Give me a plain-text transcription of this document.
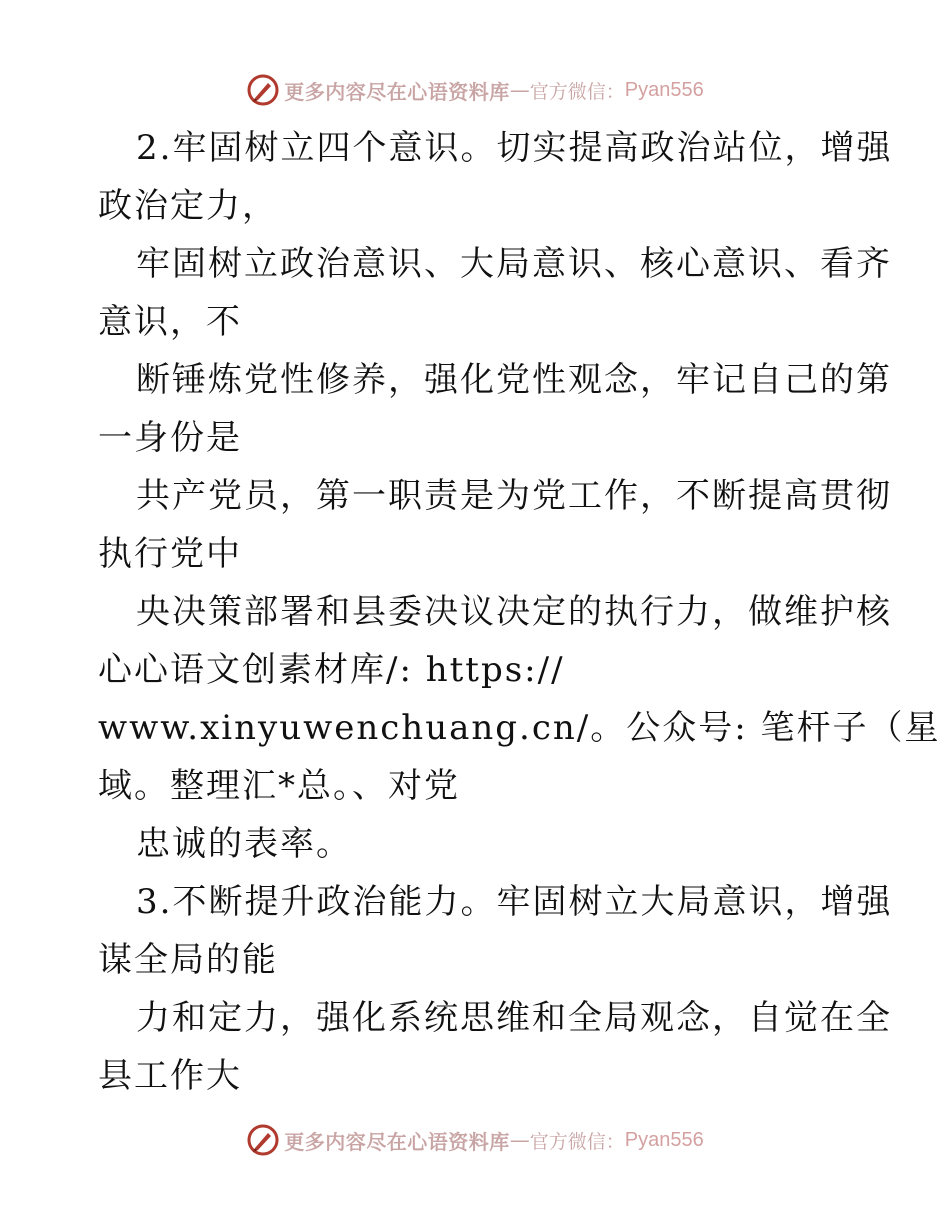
更多内容尽在心语资料库 — 官方微信： Pyan556
2.牢固树立四个意识。切实提高政治站位，增强
政治定力，
牢固树立政治意识、大局意识、核心意识、看齐
意识，不
断锤炼党性修养，强化党性观念，牢记自己的第
一身份是
共产党员，第一职责是为党工作，不断提高贯彻
执行党中
央决策部署和县委决议决定的执行力，做维护核
心心语文创素材库/: https://
www.xinyuwenchuang.cn/。公众号: 笔杆子（星
域。整理汇*总。、对党
忠诚的表率。
3.不断提升政治能力。牢固树立大局意识，增强
谋全局的能
力和定力，强化系统思维和全局观念，自觉在全
县工作大
更多内容尽在心语资料库 — 官方微信： Pyan556
